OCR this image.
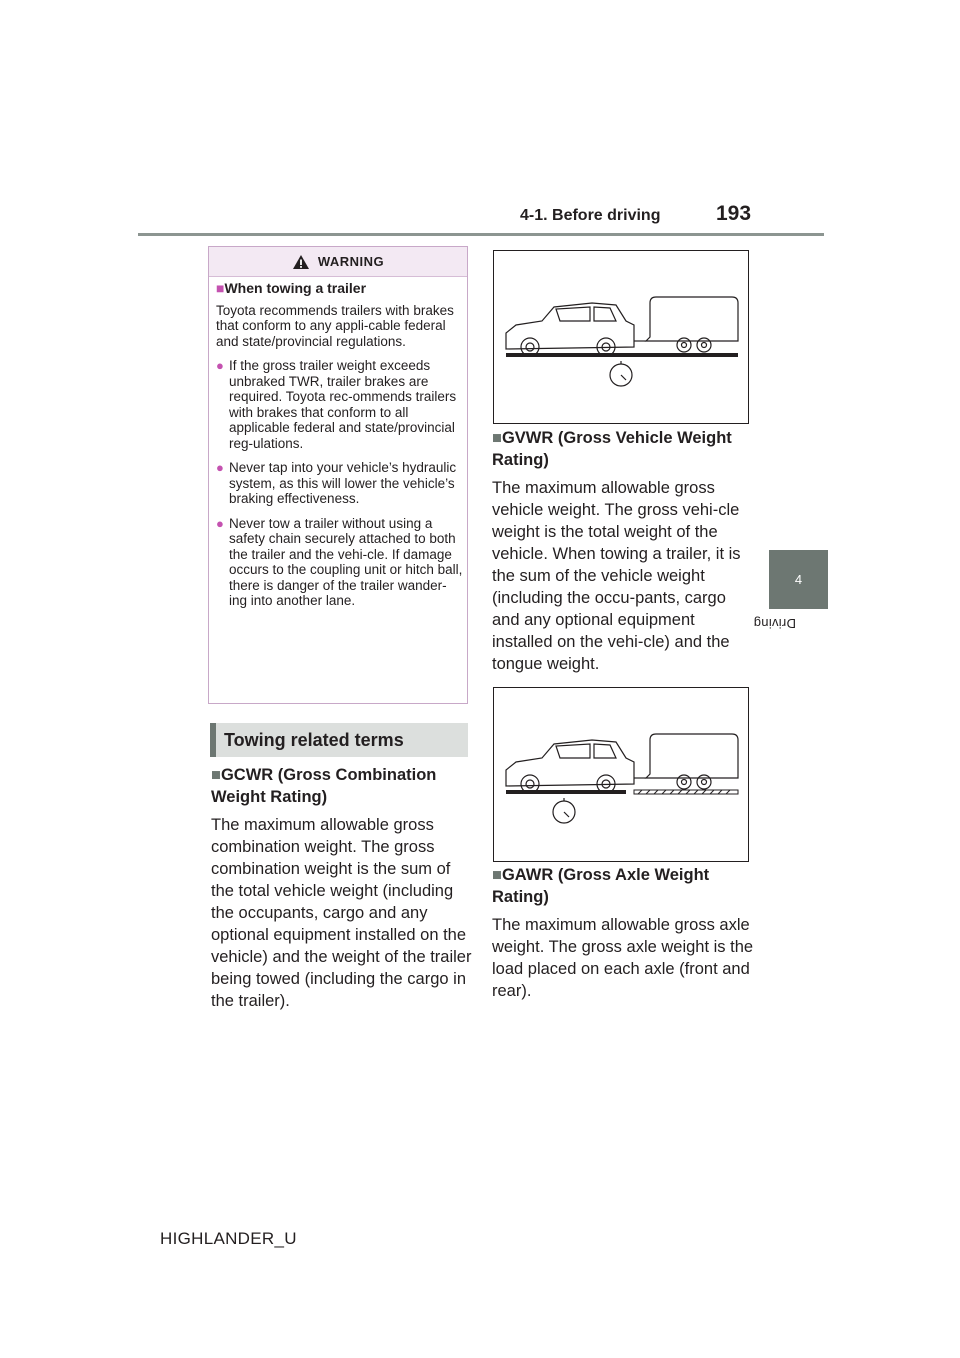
4-1. Before driving	193
4
Driving
WARNING
■When towing a trailer
Toyota recommends trailers with brakes that conform to any appli-cable federal and state/provincial regulations.
● If the gross trailer weight exceeds unbraked TWR, trailer brakes are required. Toyota rec-ommends trailers with brakes that conform to all applicable federal and state/provincial reg-ulations.
● Never tap into your vehicle’s hydraulic system, as this will lower the vehicle’s braking effectiveness.
● Never tow a trailer without using a safety chain securely attached to both the trailer and the vehi-cle. If damage occurs to the coupling unit or hitch ball, there is danger of the trailer wander-ing into another lane.
Towing related terms
■GCWR (Gross Combination Weight Rating)
The maximum allowable gross combination weight. The gross combination weight is the sum of the total vehicle weight (including the occupants, cargo and any optional equipment installed on the vehicle) and the weight of the trailer being towed (including the cargo in the trailer).
■GVWR (Gross Vehicle Weight Rating)
The maximum allowable gross vehicle weight. The gross vehi-cle weight is the total weight of the vehicle. When towing a trailer, it is the sum of the vehicle weight (including the occu-pants, cargo and any optional equipment installed on the vehi-cle) and the tongue weight.
■GAWR (Gross Axle Weight Rating)
The maximum allowable gross axle weight. The gross axle weight is the load placed on each axle (front and rear).
HIGHLANDER_U
